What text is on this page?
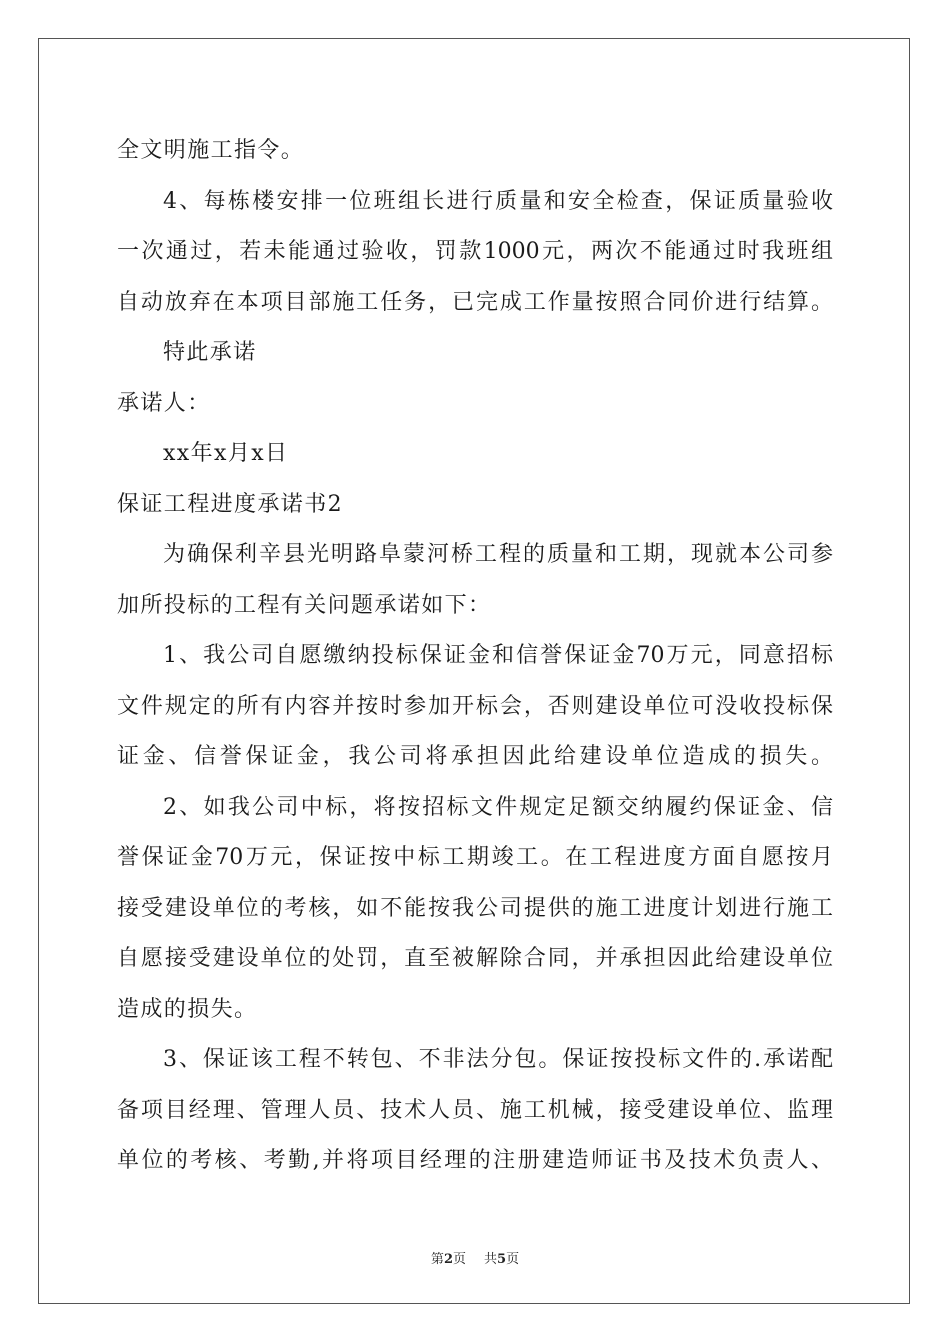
全文明施工指令。
4、每栋楼安排一位班组长进行质量和安全检查，保证质量验收
一次通过，若未能通过验收，罚款1000元，两次不能通过时我班组
自动放弃在本项目部施工任务，已完成工作量按照合同价进行结算。
特此承诺
承诺人：
xx年x月x日
保证工程进度承诺书2
为确保利辛县光明路阜蒙河桥工程的质量和工期，现就本公司参
加所投标的工程有关问题承诺如下：
1、我公司自愿缴纳投标保证金和信誉保证金70万元，同意招标
文件规定的所有内容并按时参加开标会，否则建设单位可没收投标保
证金、信誉保证金，我公司将承担因此给建设单位造成的损失。
2、如我公司中标，将按招标文件规定足额交纳履约保证金、信
誉保证金70万元，保证按中标工期竣工。在工程进度方面自愿按月
接受建设单位的考核，如不能按我公司提供的施工进度计划进行施工
自愿接受建设单位的处罚，直至被解除合同，并承担因此给建设单位
造成的损失。
3、保证该工程不转包、不非法分包。保证按投标文件的.承诺配
备项目经理、管理人员、技术人员、施工机械，接受建设单位、监理
单位的考核、考勤,并将项目经理的注册建造师证书及技术负责人、
第2页 共5页
